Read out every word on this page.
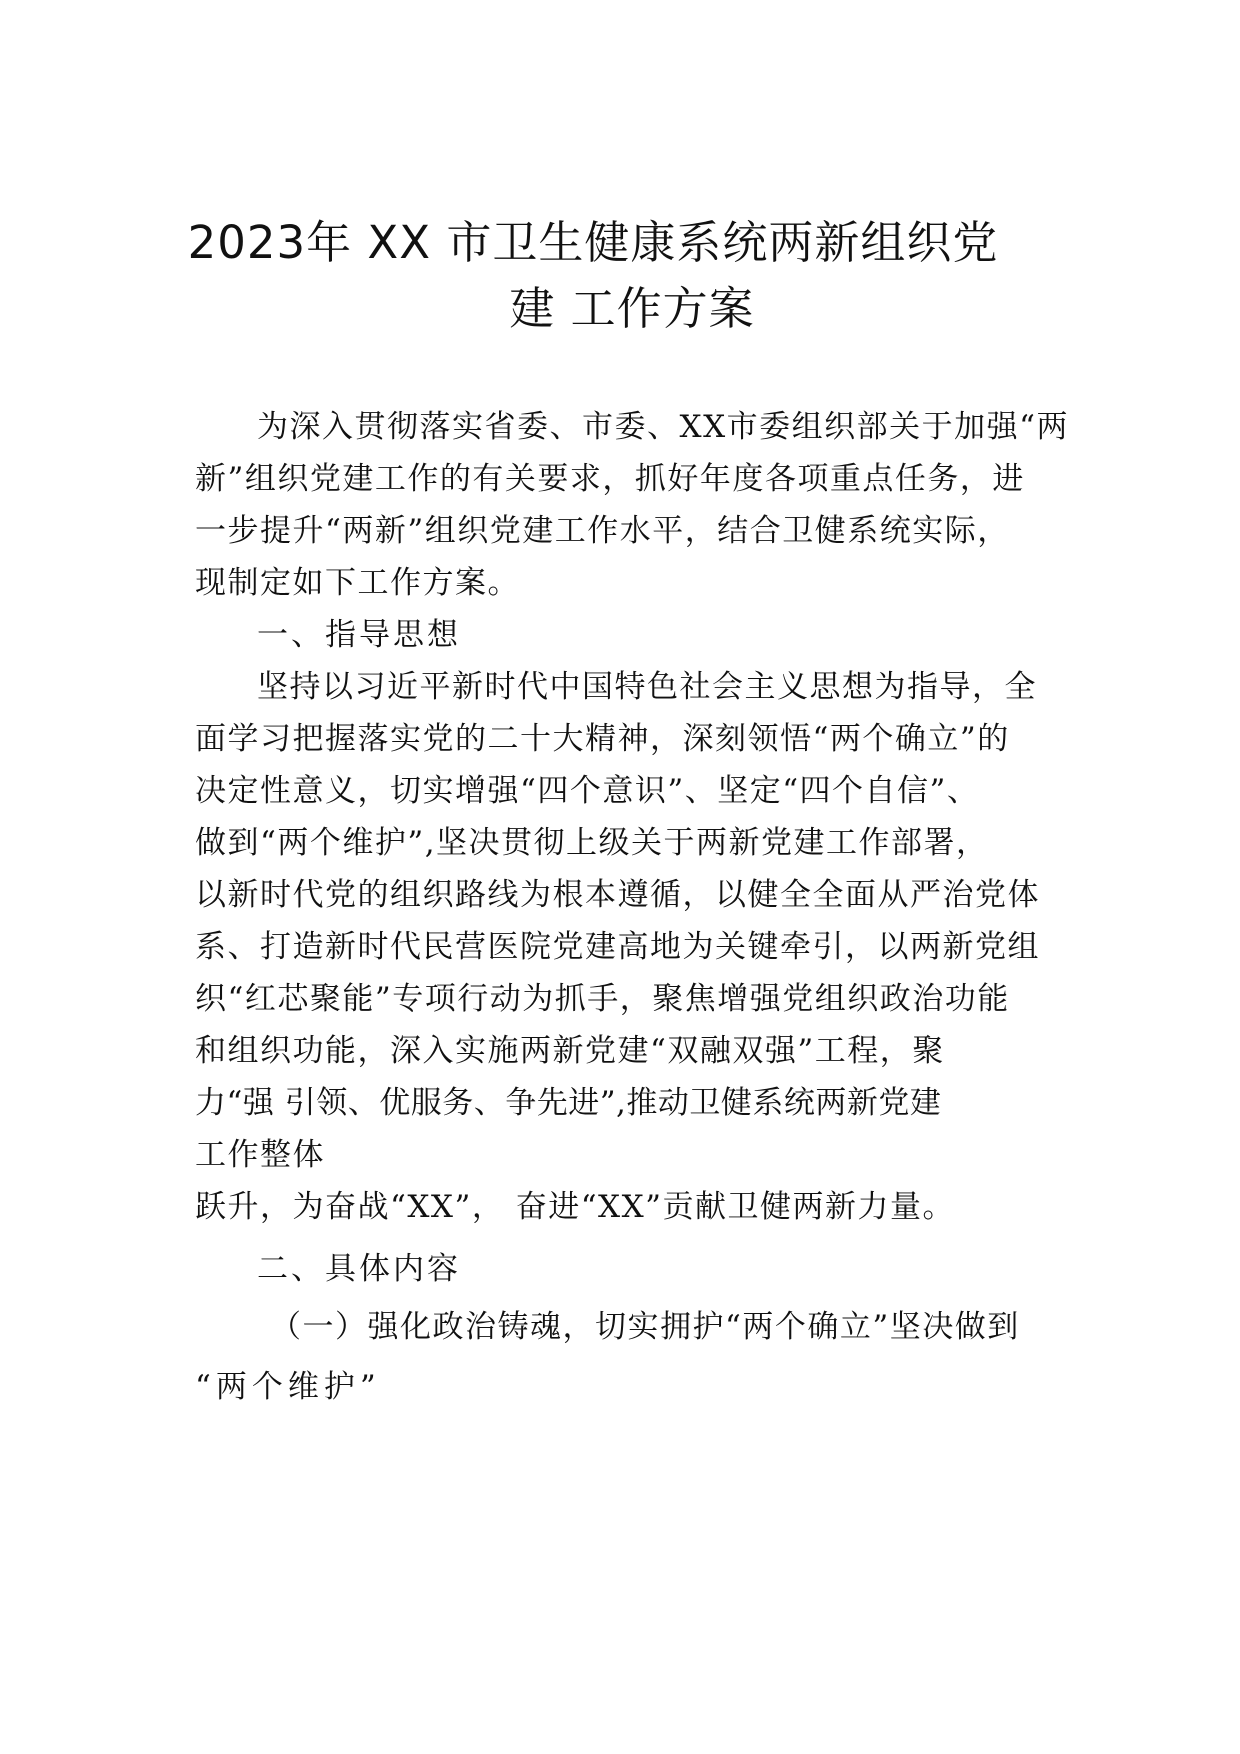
2023年 XX 市卫生健康系统两新组织党
建 工作方案

为深入贯彻落实省委、市委、XX市委组织部关于加强“两

新”组织党建工作的有关要求，抓好年度各项重点任务，进

一步提升“两新”组织党建工作水平，结合卫健系统实际，

现制定如下工作方案。

一、指导思想

坚持以习近平新时代中国特色社会主义思想为指导，全

面学习把握落实党的二十大精神，深刻领悟“两个确立”的

决定性意义，切实增强“四个意识”、坚定“四个自信”、

做到“两个维护”,坚决贯彻上级关于两新党建工作部署，

以新时代党的组织路线为根本遵循，以健全全面从严治党体

系、打造新时代民营医院党建高地为关键牵引，以两新党组

织“红芯聚能”专项行动为抓手，聚焦增强党组织政治功能

和组织功能，深入实施两新党建“双融双强”工程，聚

力“强 引领、优服务、争先进”,推动卫健系统两新党建

工作整体

跃升，为奋战“XX”， 奋进“XX”贡献卫健两新力量。

二、具体内容

（一）强化政治铸魂，切实拥护“两个确立”坚决做到

“两个维护”
